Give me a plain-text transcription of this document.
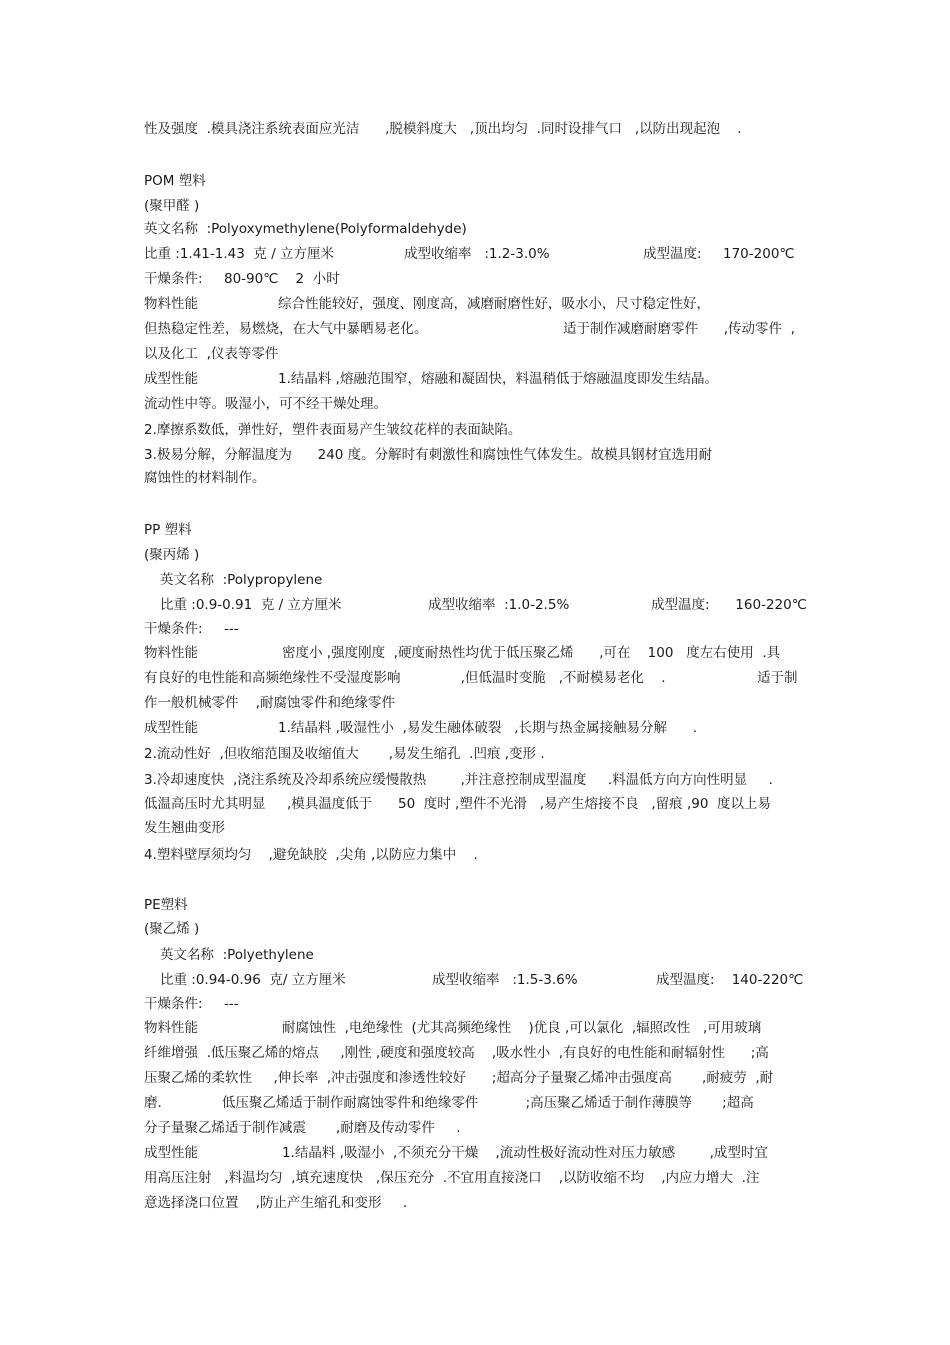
性及强度  .模具浇注系统表面应光洁      ,脱模斜度大   ,顶出均匀  .同时设排气口   ,以防出现起泡    .
POM 塑料
(聚甲醛 )
英文名称  :Polyoxymethylene(Polyformaldehyde)
比重 :1.41-1.43  克 / 立方厘米	成型收缩率   :1.2-3.0%	成型温度:     170-200℃
干燥条件:     80-90℃    2  小时
物料性能	综合性能较好，强度、刚度高，减磨耐磨性好，吸水小，尺寸稳定性好，
但热稳定性差，易燃烧，在大气中暴晒易老化。	适于制作减磨耐磨零件      ,传动零件  ,
以及化工  ,仪表等零件
成型性能	1.结晶料 ,熔融范围窄，熔融和凝固快，料温稍低于熔融温度即发生结晶。
流动性中等。吸湿小，可不经干燥处理。
2.摩擦系数低，弹性好，塑件表面易产生皱纹花样的表面缺陷。
3.极易分解，分解温度为      240 度。分解时有刺激性和腐蚀性气体发生。故模具钢材宜选用耐
腐蚀性的材料制作。
PP 塑料
(聚丙烯 )
英文名称  :Polypropylene
比重 :0.9-0.91  克 / 立方厘米	成型收缩率  :1.0-2.5%	成型温度:      160-220℃
干燥条件:     ---
物料性能	密度小 ,强度刚度  ,硬度耐热性均优于低压聚乙烯      ,可在    100   度左右使用  .具
有良好的电性能和高频绝缘性不受湿度影响              ,但低温时变脆   ,不耐模易老化    .	适于制
作一般机械零件    ,耐腐蚀零件和绝缘零件
成型性能	1.结晶料 ,吸湿性小  ,易发生融体破裂   ,长期与热金属接触易分解      .
2.流动性好  ,但收缩范围及收缩值大       ,易发生缩孔  .凹痕 ,变形 .
3.冷却速度快  ,浇注系统及冷却系统应缓慢散热        ,并注意控制成型温度     .料温低方向方向性明显     .
低温高压时尤其明显     ,模具温度低于      50  度时 ,塑件不光滑   ,易产生熔接不良   ,留痕 ,90  度以上易
发生翘曲变形
4.塑料壁厚须均匀    ,避免缺胶  ,尖角 ,以防应力集中    .
PE塑料
(聚乙烯 )
英文名称  :Polyethylene
比重 :0.94-0.96  克/ 立方厘米	成型收缩率   :1.5-3.6%	成型温度:    140-220℃
干燥条件:     ---
物料性能	耐腐蚀性  ,电绝缘性  (尤其高频绝缘性    )优良 ,可以氯化  ,辐照改性   ,可用玻璃
纤维增强  .低压聚乙烯的熔点     ,刚性 ,硬度和强度较高    ,吸水性小  ,有良好的电性能和耐辐射性      ;高
压聚乙烯的柔软性     ,伸长率  ,冲击强度和渗透性较好      ;超高分子量聚乙烯冲击强度高       ,耐疲劳  ,耐
磨.              低压聚乙烯适于制作耐腐蚀零件和绝缘零件           ;高压聚乙烯适于制作薄膜等       ;超高
分子量聚乙烯适于制作减震       ,耐磨及传动零件     .
成型性能	1.结晶料 ,吸湿小  ,不须充分干燥    ,流动性极好流动性对压力敏感        ,成型时宜
用高压注射   ,料温均匀  ,填充速度快   ,保压充分  .不宜用直接浇口    ,以防收缩不均    ,内应力增大  .注
意选择浇口位置    ,防止产生缩孔和变形     .
